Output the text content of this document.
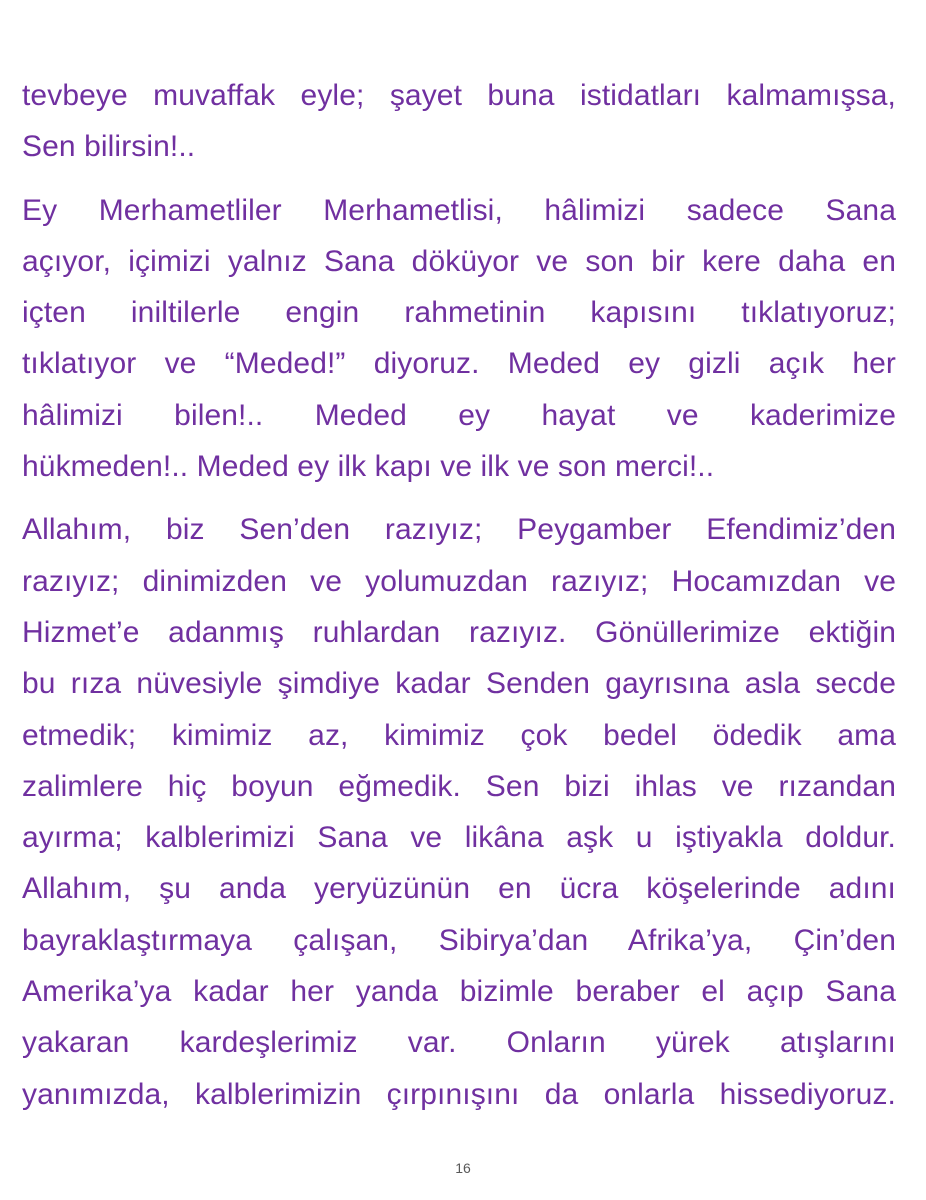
tevbeye muvaffak eyle; şayet buna istidatları kalmamışsa,
Sen bilirsin!..
Ey Merhametliler Merhametlisi, hâlimizi sadece Sana
açıyor, içimizi yalnız Sana döküyor ve son bir kere daha en
içten iniltilerle engin rahmetinin kapısını tıklatıyoruz;
tıklatıyor ve “Meded!” diyoruz. Meded ey gizli açık her
hâlimizi bilen!.. Meded ey hayat ve kaderimize
hükmeden!.. Meded ey ilk kapı ve ilk ve son merci!..
Allahım, biz Sen’den razıyız; Peygamber Efendimiz’den
razıyız; dinimizden ve yolumuzdan razıyız; Hocamızdan ve
Hizmet’e adanmış ruhlardan razıyız. Gönüllerimize ektiğin
bu rıza nüvesiyle şimdiye kadar Senden gayrısına asla secde
etmedik; kimimiz az, kimimiz çok bedel ödedik ama
zalimlere hiç boyun eğmedik. Sen bizi ihlas ve rızandan
ayırma; kalblerimizi Sana ve likâna aşk u iştiyakla doldur.
Allahım, şu anda yeryüzünün en ücra köşelerinde adını
bayraklaştırmaya çalışan, Sibirya’dan Afrika’ya, Çin’den
Amerika’ya kadar her yanda bizimle beraber el açıp Sana
yakaran kardeşlerimiz var. Onların yürek atışlarını
yanımızda, kalblerimizin çırpınışını da onlarla hissediyoruz.
16
